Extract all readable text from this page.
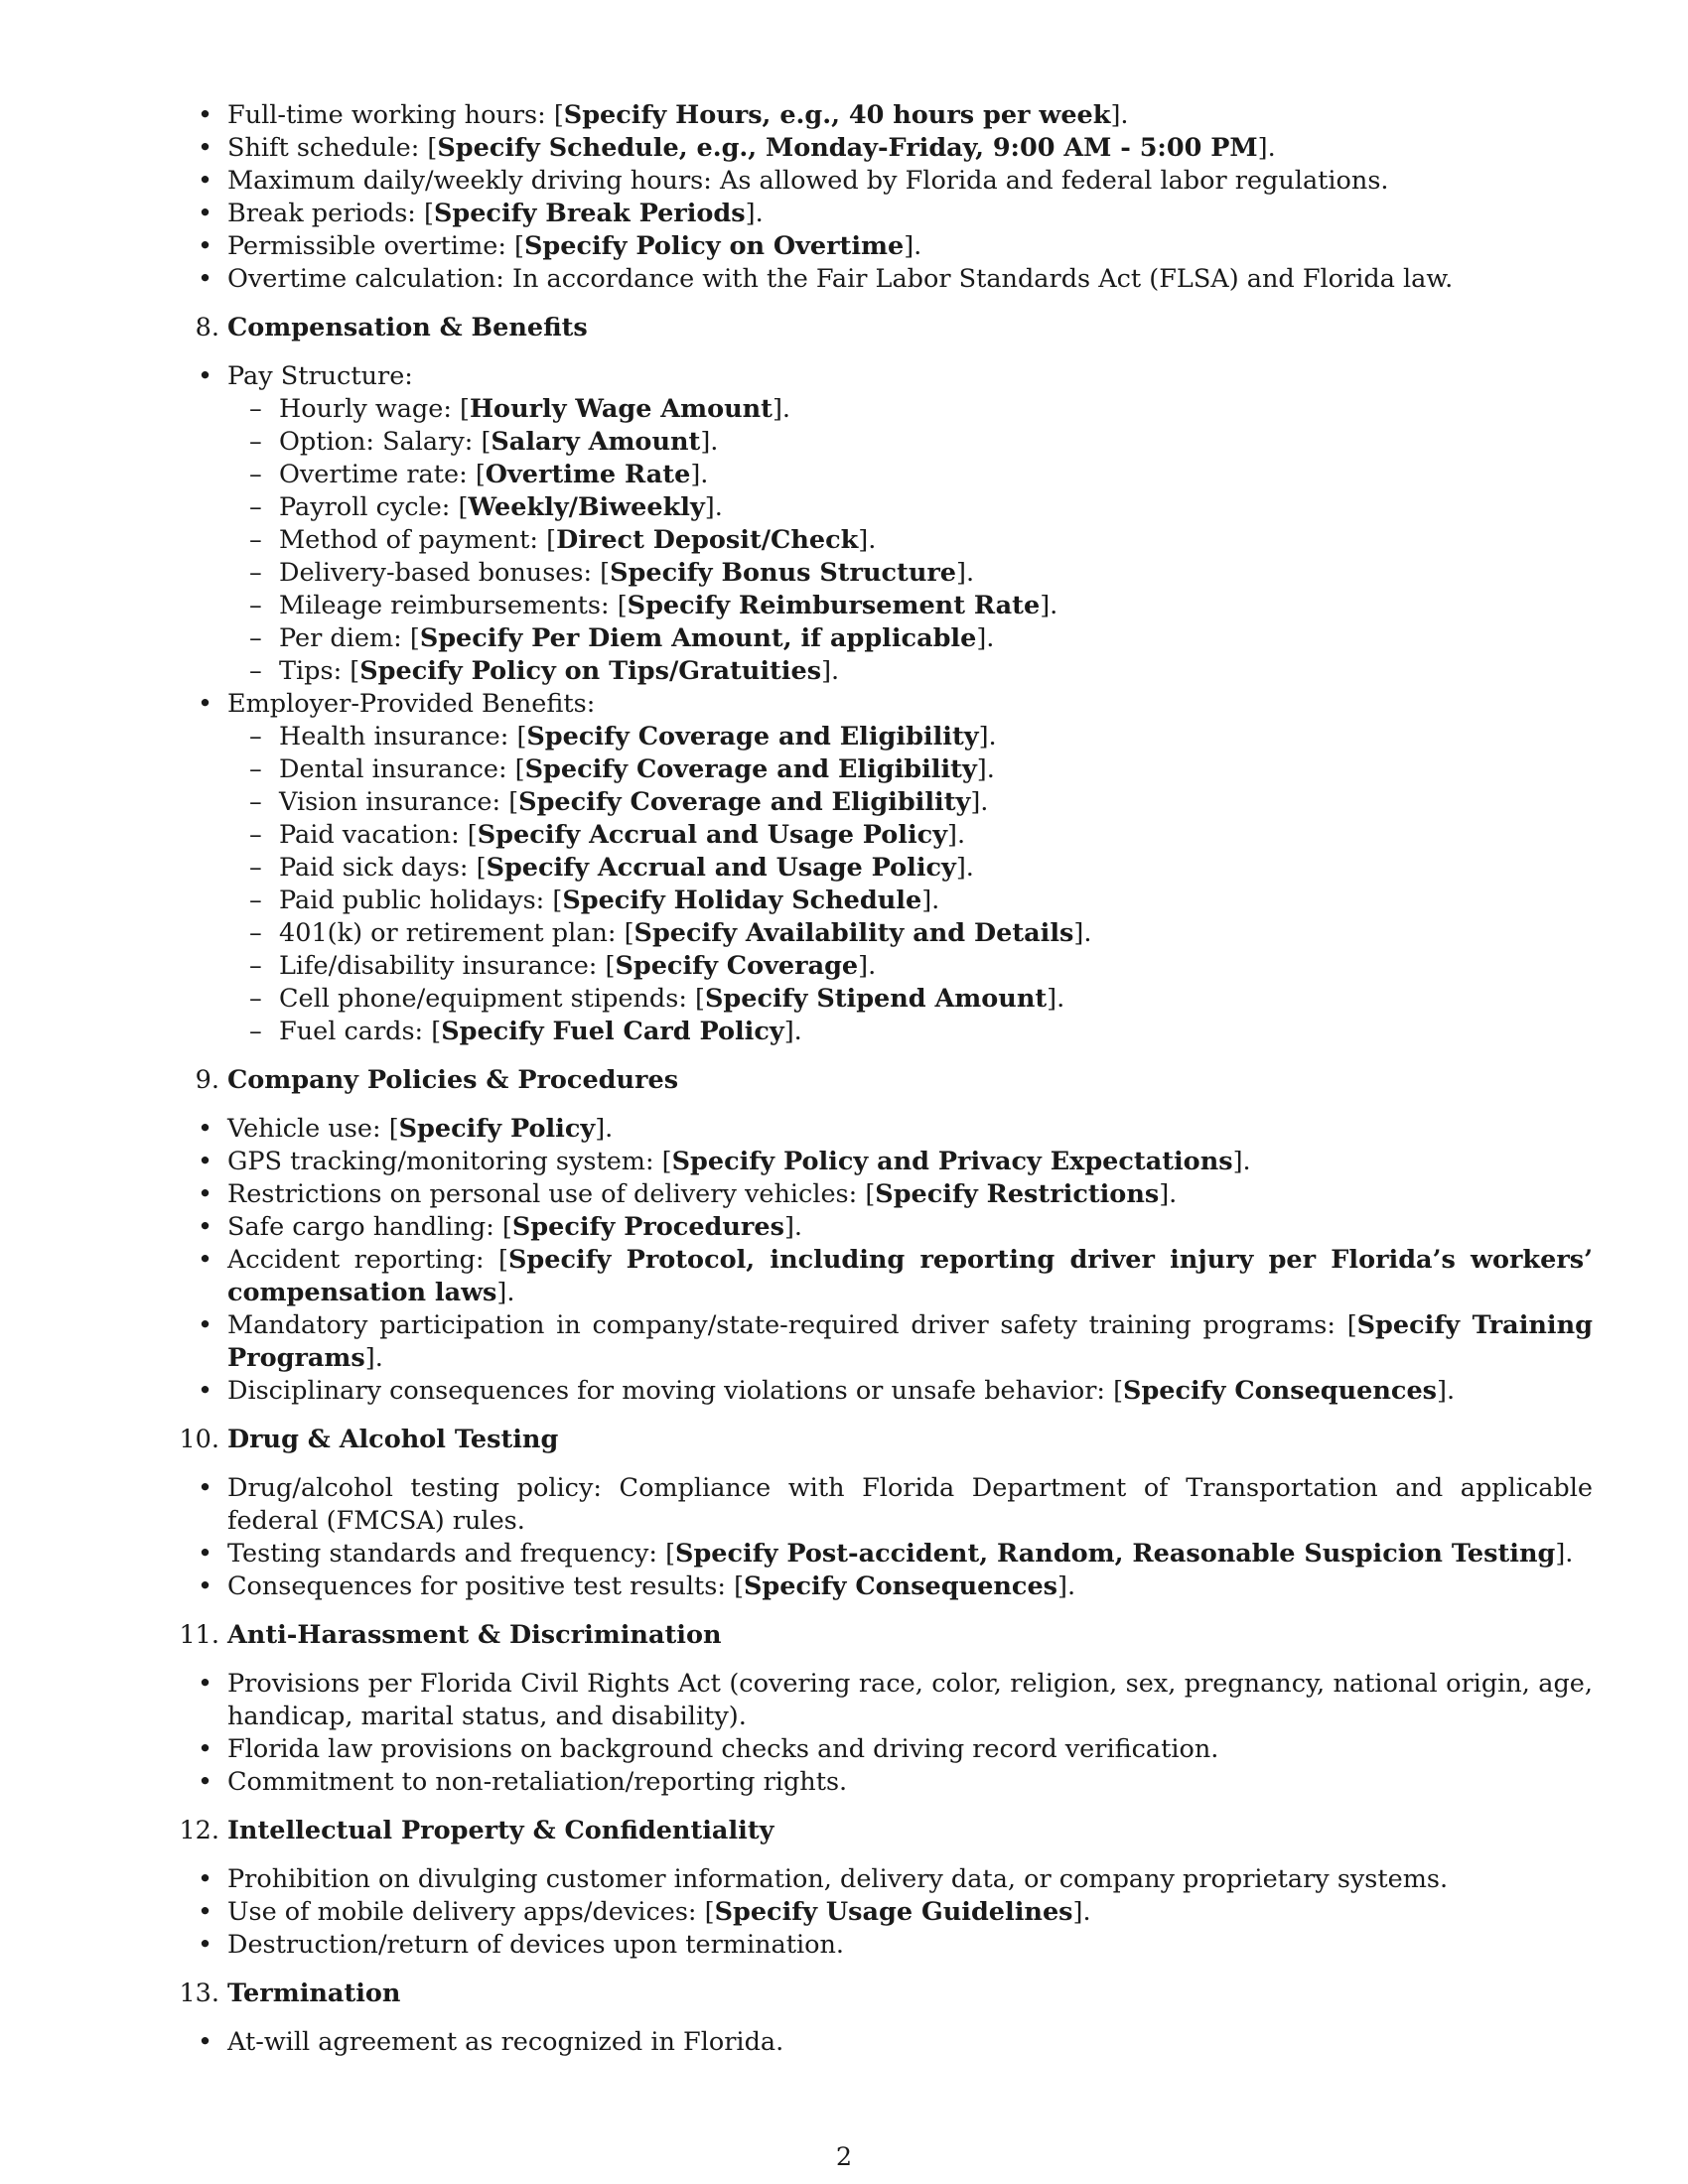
• Full-time working hours: [Specify Hours, e.g., 40 hours per week].
• Shift schedule: [Specify Schedule, e.g., Monday-Friday, 9:00 AM - 5:00 PM].
• Maximum daily/weekly driving hours: As allowed by Florida and federal labor regulations.
• Break periods: [Specify Break Periods].
• Permissible overtime: [Specify Policy on Overtime].
• Overtime calculation: In accordance with the Fair Labor Standards Act (FLSA) and Florida law.
8. Compensation & Benefits
• Pay Structure:
– Hourly wage: [Hourly Wage Amount].
– Option: Salary: [Salary Amount].
– Overtime rate: [Overtime Rate].
– Payroll cycle: [Weekly/Biweekly].
– Method of payment: [Direct Deposit/Check].
– Delivery-based bonuses: [Specify Bonus Structure].
– Mileage reimbursements: [Specify Reimbursement Rate].
– Per diem: [Specify Per Diem Amount, if applicable].
– Tips: [Specify Policy on Tips/Gratuities].
• Employer-Provided Benefits:
– Health insurance: [Specify Coverage and Eligibility].
– Dental insurance: [Specify Coverage and Eligibility].
– Vision insurance: [Specify Coverage and Eligibility].
– Paid vacation: [Specify Accrual and Usage Policy].
– Paid sick days: [Specify Accrual and Usage Policy].
– Paid public holidays: [Specify Holiday Schedule].
– 401(k) or retirement plan: [Specify Availability and Details].
– Life/disability insurance: [Specify Coverage].
– Cell phone/equipment stipends: [Specify Stipend Amount].
– Fuel cards: [Specify Fuel Card Policy].
9. Company Policies & Procedures
• Vehicle use: [Specify Policy].
• GPS tracking/monitoring system: [Specify Policy and Privacy Expectations].
• Restrictions on personal use of delivery vehicles: [Specify Restrictions].
• Safe cargo handling: [Specify Procedures].
• Accident reporting: [Specify Protocol, including reporting driver injury per Florida’s workers’ compensation laws].
• Mandatory participation in company/state-required driver safety training programs: [Specify Training Programs].
• Disciplinary consequences for moving violations or unsafe behavior: [Specify Consequences].
10. Drug & Alcohol Testing
• Drug/alcohol testing policy: Compliance with Florida Department of Transportation and applicable federal (FMCSA) rules.
• Testing standards and frequency: [Specify Post-accident, Random, Reasonable Suspicion Testing].
• Consequences for positive test results: [Specify Consequences].
11. Anti-Harassment & Discrimination
• Provisions per Florida Civil Rights Act (covering race, color, religion, sex, pregnancy, national origin, age, handicap, marital status, and disability).
• Florida law provisions on background checks and driving record verification.
• Commitment to non-retaliation/reporting rights.
12. Intellectual Property & Confidentiality
• Prohibition on divulging customer information, delivery data, or company proprietary systems.
• Use of mobile delivery apps/devices: [Specify Usage Guidelines].
• Destruction/return of devices upon termination.
13. Termination
• At-will agreement as recognized in Florida.
2
